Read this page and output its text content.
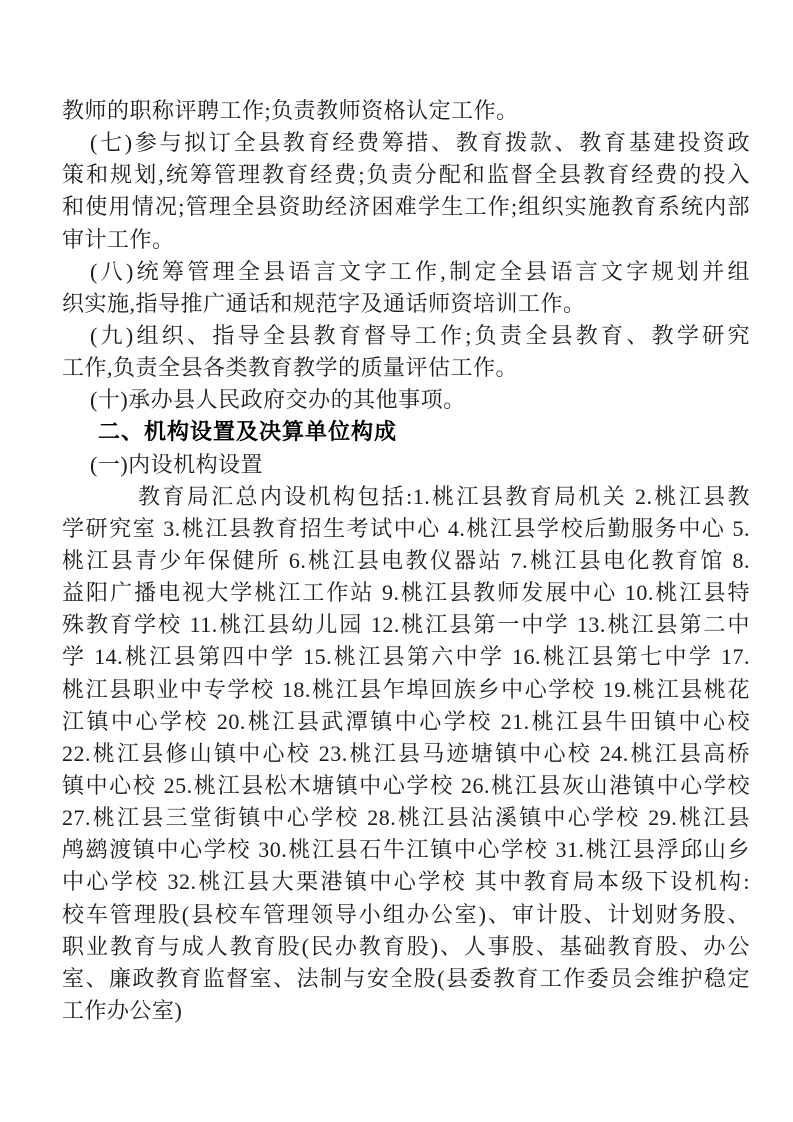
教师的职称评聘工作;负责教师资格认定工作。
(七)参与拟订全县教育经费筹措、教育拨款、教育基建投资政
策和规划,统筹管理教育经费;负责分配和监督全县教育经费的投入
和使用情况;管理全县资助经济困难学生工作;组织实施教育系统内部
审计工作。
(八)统筹管理全县语言文字工作,制定全县语言文字规划并组
织实施,指导推广通话和规范字及通话师资培训工作。
(九)组织、指导全县教育督导工作;负责全县教育、教学研究
工作,负责全县各类教育教学的质量评估工作。
(十)承办县人民政府交办的其他事项。
二、机构设置及决算单位构成
(一)内设机构设置
教育局汇总内设机构包括:1.桃江县教育局机关 2.桃江县教
学研究室 3.桃江县教育招生考试中心 4.桃江县学校后勤服务中心 5.
桃江县青少年保健所 6.桃江县电教仪器站 7.桃江县电化教育馆 8.
益阳广播电视大学桃江工作站 9.桃江县教师发展中心 10.桃江县特
殊教育学校 11.桃江县幼儿园 12.桃江县第一中学 13.桃江县第二中
学 14.桃江县第四中学 15.桃江县第六中学 16.桃江县第七中学 17.
桃江县职业中专学校 18.桃江县乍埠回族乡中心学校 19.桃江县桃花
江镇中心学校 20.桃江县武潭镇中心学校 21.桃江县牛田镇中心校
22.桃江县修山镇中心校 23.桃江县马迹塘镇中心校 24.桃江县高桥
镇中心校 25.桃江县松木塘镇中心学校 26.桃江县灰山港镇中心学校
27.桃江县三堂街镇中心学校 28.桃江县沾溪镇中心学校 29.桃江县
鸬鹚渡镇中心学校 30.桃江县石牛江镇中心学校 31.桃江县浮邱山乡
中心学校 32.桃江县大栗港镇中心学校 其中教育局本级下设机构:
校车管理股(县校车管理领导小组办公室)、审计股、计划财务股、
职业教育与成人教育股(民办教育股)、人事股、基础教育股、办公
室、廉政教育监督室、法制与安全股(县委教育工作委员会维护稳定
工作办公室)
